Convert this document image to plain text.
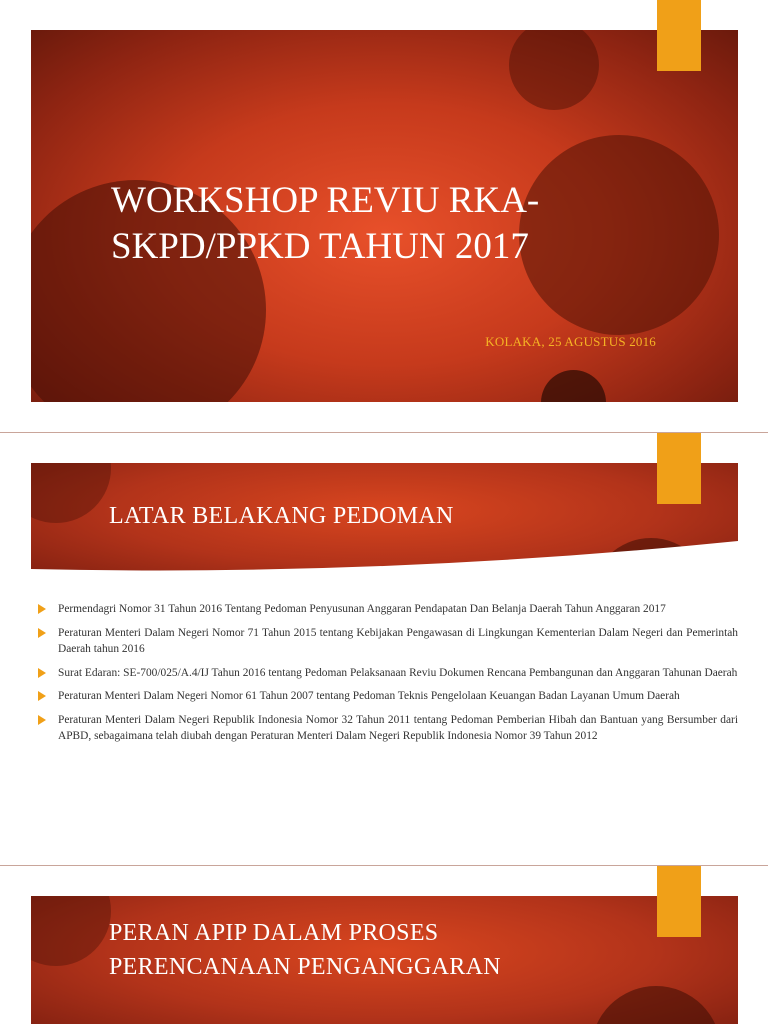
WORKSHOP REVIU RKA-SKPD/PPKD TAHUN 2017
KOLAKA, 25 AGUSTUS 2016
LATAR BELAKANG PEDOMAN
Permendagri Nomor 31 Tahun 2016 Tentang Pedoman Penyusunan Anggaran Pendapatan Dan Belanja Daerah Tahun Anggaran 2017
Peraturan Menteri Dalam Negeri Nomor 71 Tahun 2015 tentang Kebijakan Pengawasan di Lingkungan Kementerian Dalam Negeri dan Pemerintah Daerah tahun 2016
Surat Edaran: SE-700/025/A.4/IJ Tahun 2016 tentang Pedoman Pelaksanaan Reviu Dokumen Rencana Pembangunan dan Anggaran Tahunan Daerah
Peraturan Menteri Dalam Negeri Nomor 61 Tahun 2007 tentang Pedoman Teknis Pengelolaan Keuangan Badan Layanan Umum Daerah
Peraturan Menteri Dalam Negeri Republik Indonesia Nomor 32 Tahun 2011 tentang Pedoman Pemberian Hibah dan Bantuan yang Bersumber dari APBD, sebagaimana telah diubah dengan Peraturan Menteri Dalam Negeri Republik Indonesia Nomor 39 Tahun 2012
PERAN APIP DALAM PROSES
PERENCANAAN PENGANGGARAN
